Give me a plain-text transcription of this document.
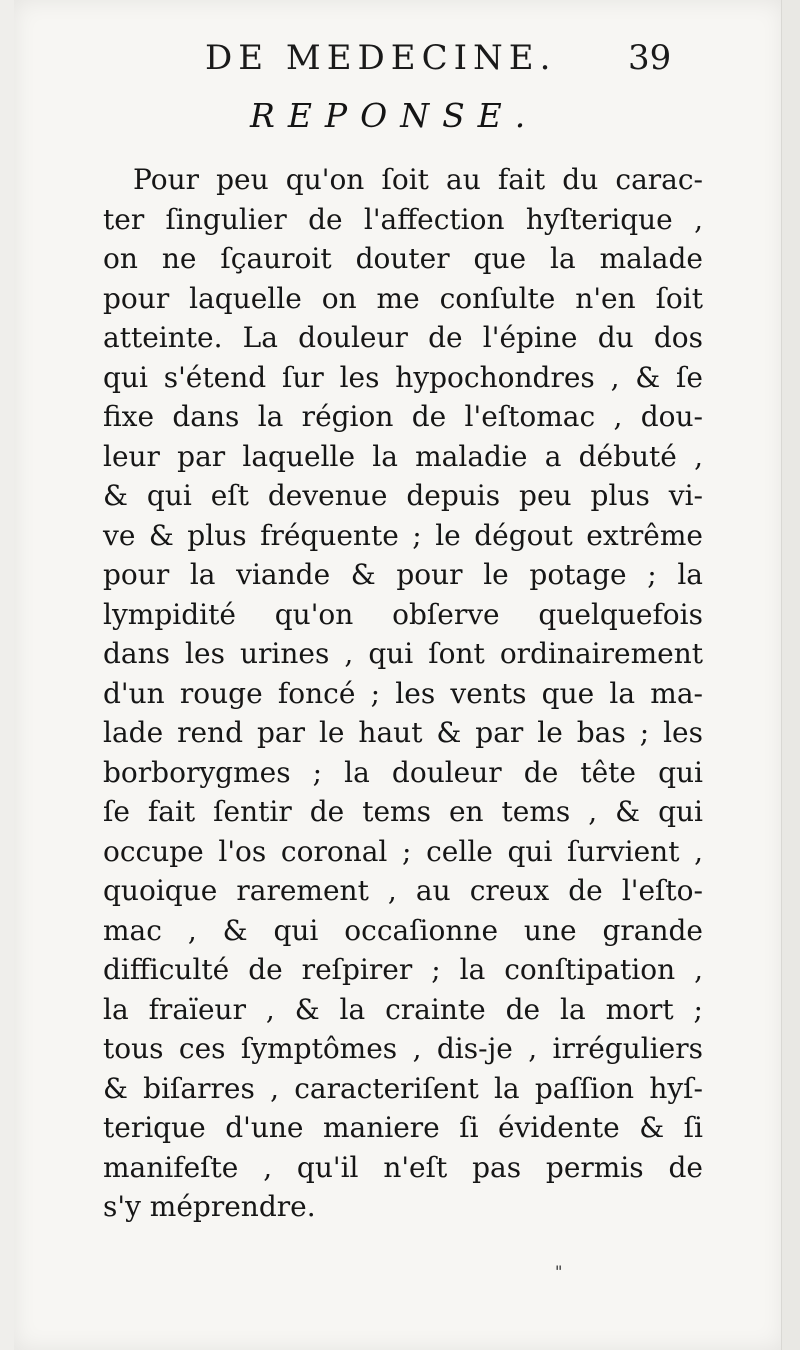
DE MEDECINE. 39
REPONSE.
Pour peu qu'on ſoit au fait du carac-
ter ſingulier de l'affection hyſterique ,
on ne ſçauroit douter que la malade
pour laquelle on me conſulte n'en ſoit
atteinte. La douleur de l'épine du dos
qui s'étend ſur les hypochondres , & ſe
fixe dans la région de l'eſtomac , dou-
leur par laquelle la maladie a débuté ,
& qui eſt devenue depuis peu plus vi-
ve & plus fréquente ; le dégout extrême
pour la viande & pour le potage ; la
lympidité qu'on obſerve quelquefois
dans les urines , qui ſont ordinairement
d'un rouge foncé ; les vents que la ma-
lade rend par le haut & par le bas ; les
borborygmes ; la douleur de tête qui
ſe fait ſentir de tems en tems , & qui
occupe l'os coronal ; celle qui ſurvient ,
quoique rarement , au creux de l'eſto-
mac , & qui occaſionne une grande
difficulté de reſpirer ; la conſtipation ,
la fraïeur , & la crainte de la mort ;
tous ces ſymptômes , dis-je , irréguliers
& biſarres , caracteriſent la paſſion hyſ-
terique d'une maniere ſi évidente & ſi
manifeſte , qu'il n'eſt pas permis de
s'y méprendre.
"
